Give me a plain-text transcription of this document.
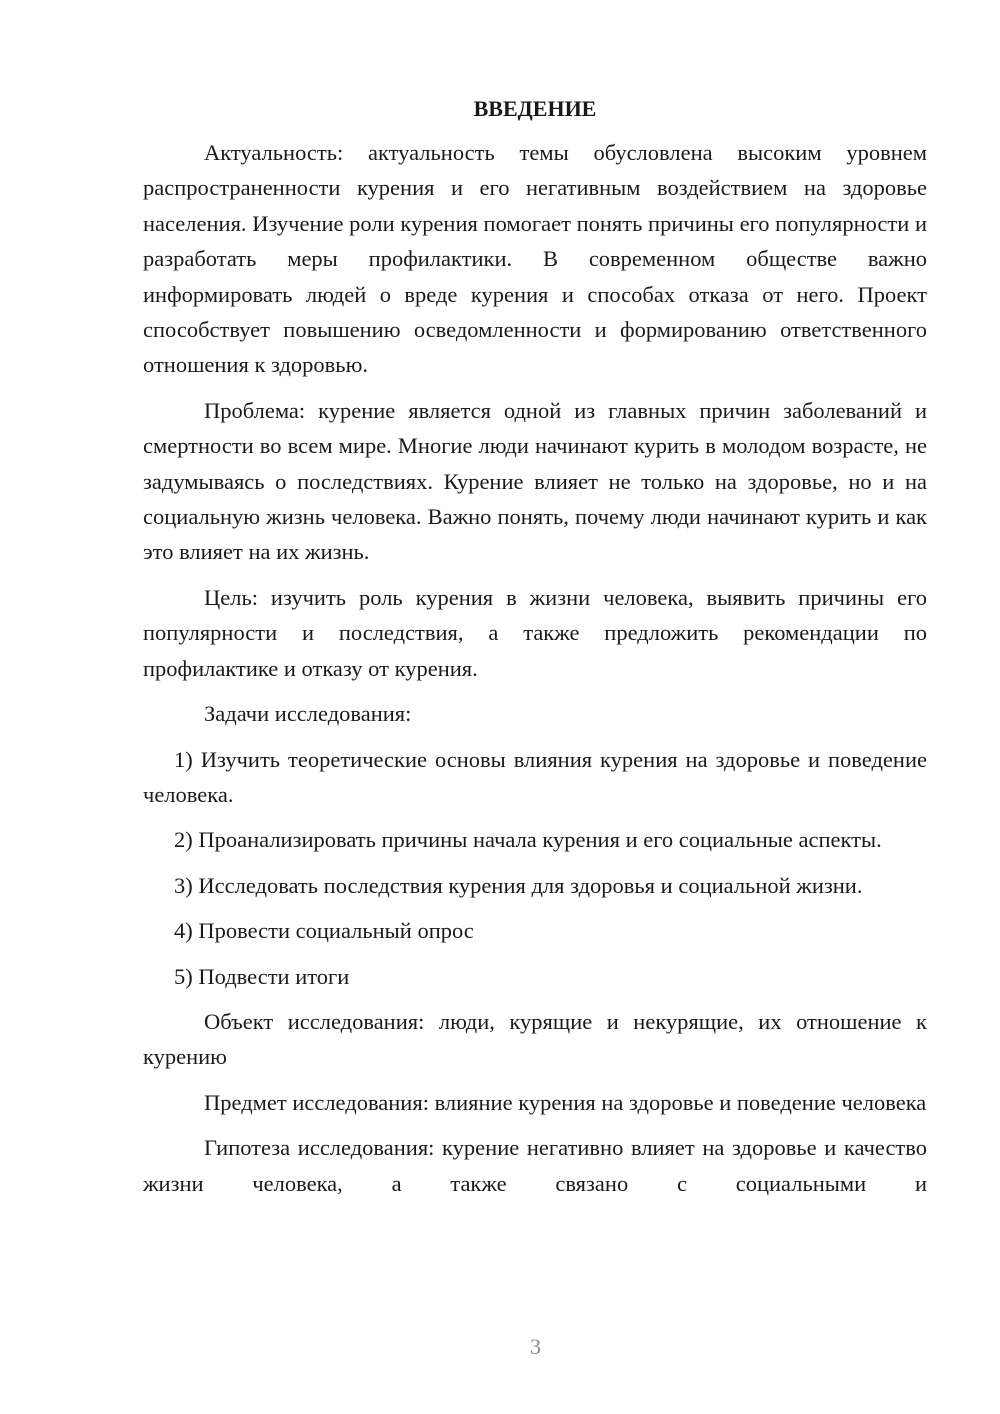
ВВЕДЕНИЕ

Актуальность: актуальность темы обусловлена высоким уровнем распространенности курения и его негативным воздействием на здоровье населения. Изучение роли курения помогает понять причины его популярности и разработать меры профилактики. В современном обществе важно информировать людей о вреде курения и способах отказа от него. Проект способствует повышению осведомленности и формированию ответственного отношения к здоровью.

Проблема: курение является одной из главных причин заболеваний и смертности во всем мире. Многие люди начинают курить в молодом возрасте, не задумываясь о последствиях. Курение влияет не только на здоровье, но и на социальную жизнь человека. Важно понять, почему люди начинают курить и как это влияет на их жизнь.

Цель: изучить роль курения в жизни человека, выявить причины его популярности и последствия, а также предложить рекомендации по профилактике и отказу от курения.

Задачи исследования:

1) Изучить теоретические основы влияния курения на здоровье и поведение человека.

2) Проанализировать причины начала курения и его социальные аспекты.

3) Исследовать последствия курения для здоровья и социальной жизни.

4) Провести социальный опрос

5) Подвести итоги

Объект исследования: люди, курящие и некурящие, их отношение к курению

Предмет исследования: влияние курения на здоровье и поведение человека

Гипотеза исследования: курение негативно влияет на здоровье и качество жизни человека, а также связано с социальными и

3
